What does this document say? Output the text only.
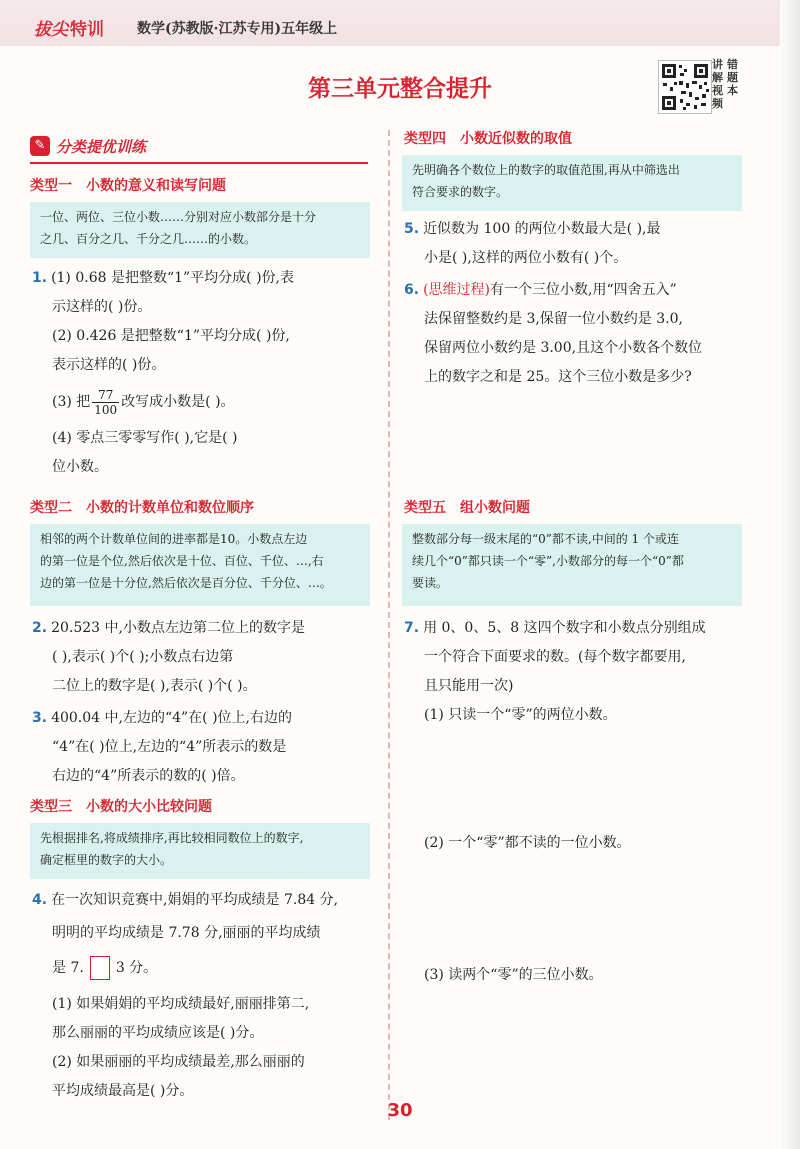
拔尖 特训 数学(苏教版·江苏专用)五年级上
第三单元整合提升
讲
解
视
频
错
题
本
✎ 分类提优训练
类型一 小数的意义和读写问题
一位、两位、三位小数……分别对应小数部分是十分
之几、百分之几、千分之几……的小数。
1. (1) 0.68 是把整数“1”平均分成( )份,表
示这样的( )份。
(2) 0.426 是把整数“1”平均分成( )份,
表示这样的( )份。
(3) 把 $\frac{77}{100}$ 改写成小数是( )。
(4) 零点三零零写作( ),它是( )
位小数。
类型二 小数的计数单位和数位顺序
相邻的两个计数单位间的进率都是10。小数点左边
的第一位是个位,然后依次是十位、百位、千位、…,右
边的第一位是十分位,然后依次是百分位、千分位、…。
2. 20.523 中,小数点左边第二位上的数字是
( ),表示( )个( );小数点右边第
二位上的数字是( ),表示( )个( )。
3. 400.04 中,左边的“4”在( )位上,右边的
“4”在( )位上,左边的“4”所表示的数是
右边的“4”所表示的数的( )倍。
类型三 小数的大小比较问题
先根据排名,将成绩排序,再比较相同数位上的数字,
确定框里的数字的大小。
4. 在一次知识竞赛中,娟娟的平均成绩是 7.84 分,
明明的平均成绩是 7.78 分,丽丽的平均成绩
是 7. 3 分。
(1) 如果娟娟的平均成绩最好,丽丽排第二,
那么丽丽的平均成绩应该是( )分。
(2) 如果丽丽的平均成绩最差,那么丽丽的
平均成绩最高是( )分。
类型四 小数近似数的取值
先明确各个数位上的数字的取值范围,再从中筛选出
符合要求的数字。
5. 近似数为 100 的两位小数最大是( ),最
小是( ),这样的两位小数有( )个。
6. (思维过程)有一个三位小数,用“四舍五入”
法保留整数约是 3,保留一位小数约是 3.0,
保留两位小数约是 3.00,且这个小数各个数位
上的数字之和是 25。这个三位小数是多少?
类型五 组小数问题
整数部分每一级末尾的“0”都不读,中间的 1 个或连
续几个“0”都只读一个“零”,小数部分的每一个“0”都
要读。
7. 用 0、0、5、8 这四个数字和小数点分别组成
一个符合下面要求的数。(每个数字都要用,
且只能用一次)
(1) 只读一个“零”的两位小数。
(2) 一个“零”都不读的一位小数。
(3) 读两个“零”的三位小数。
30
